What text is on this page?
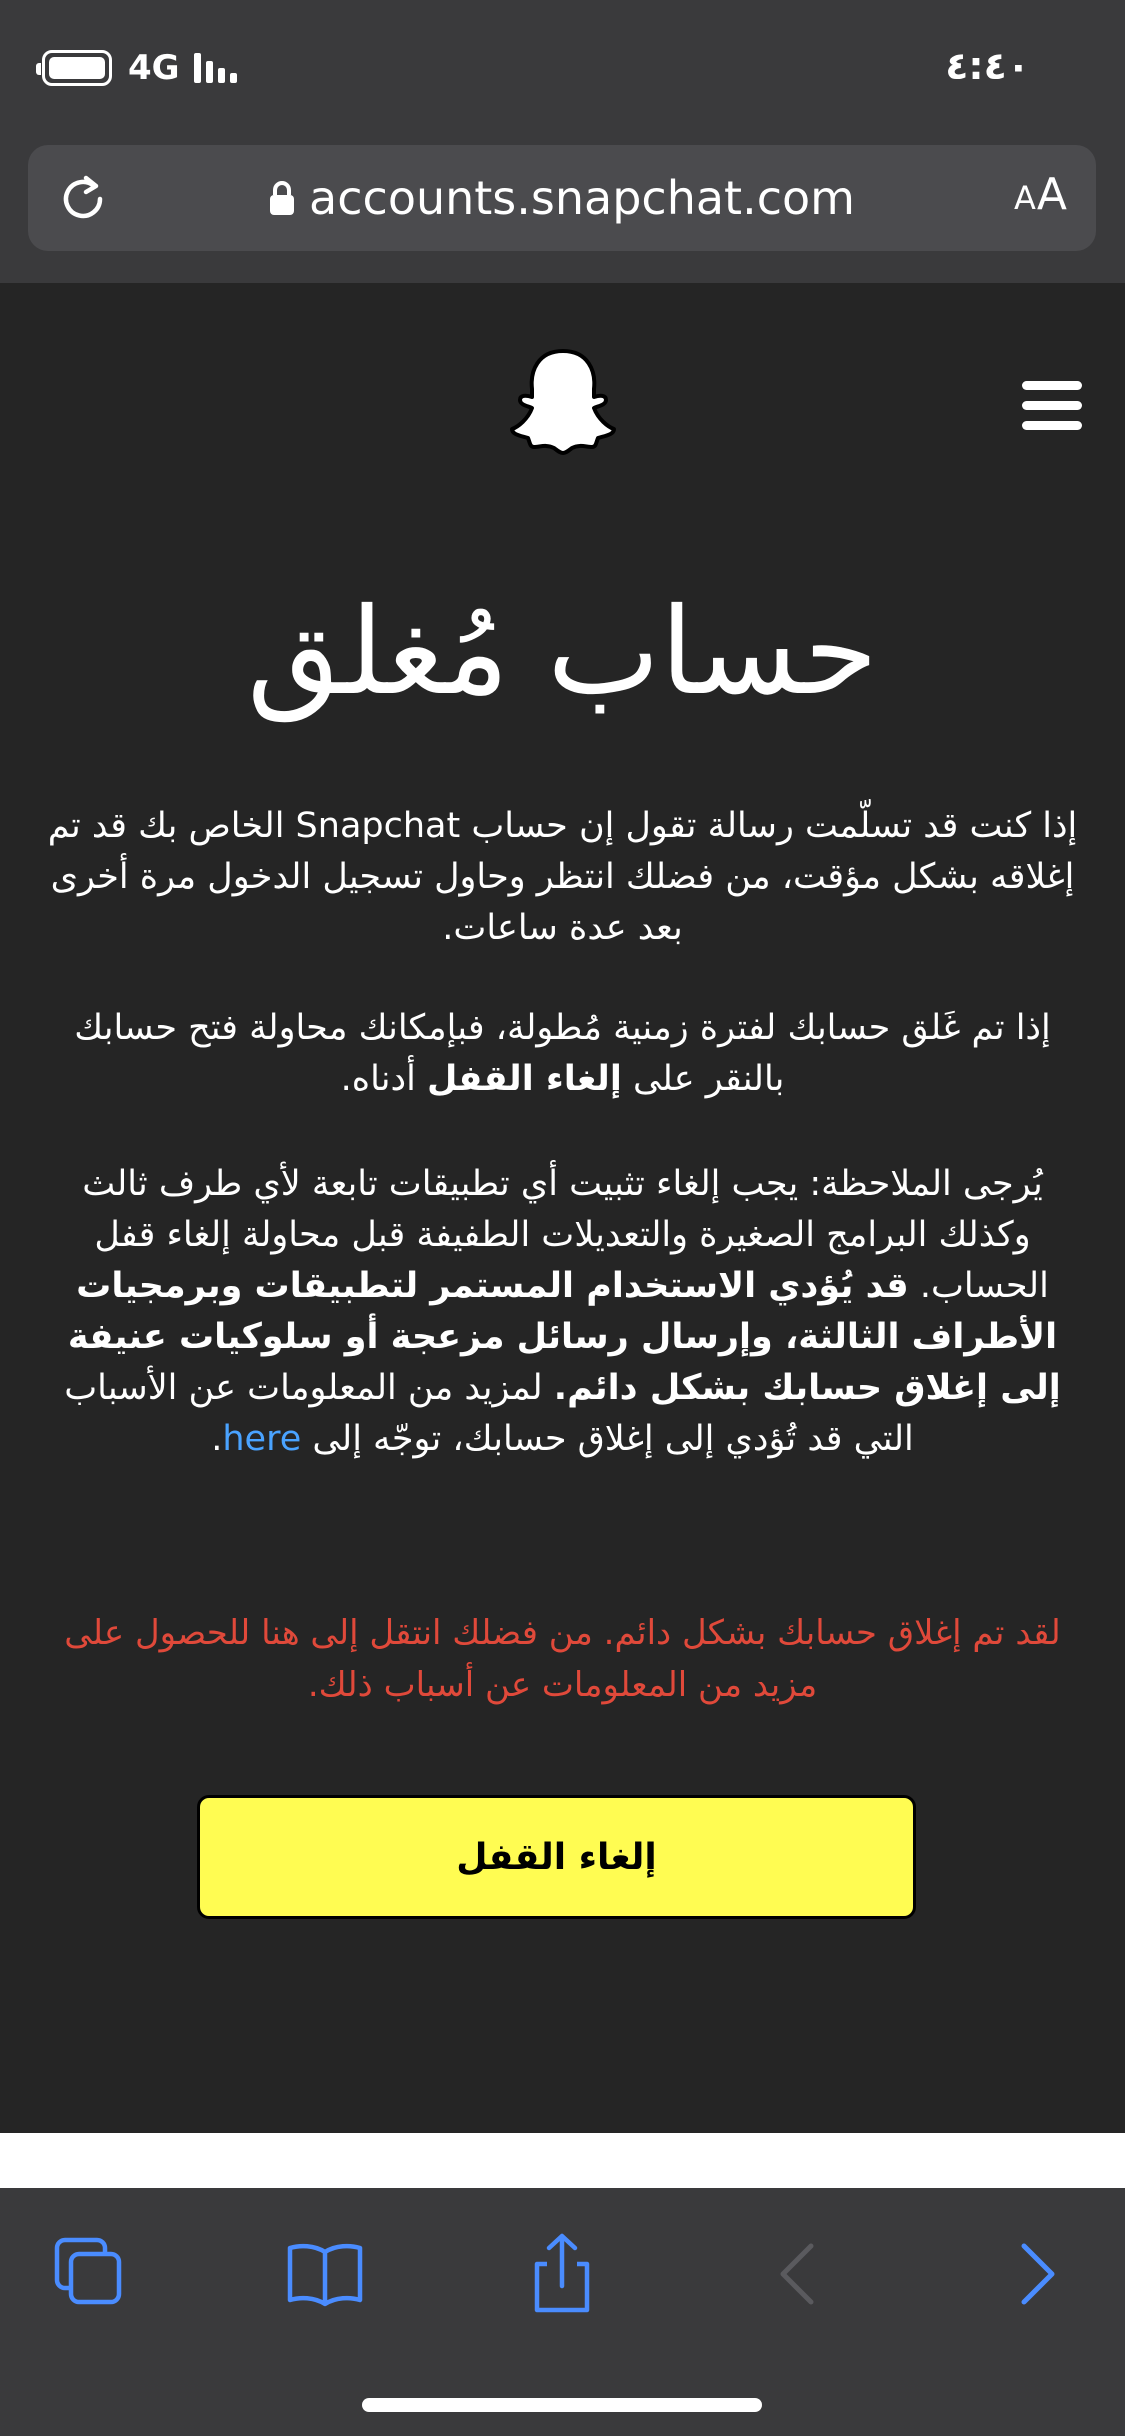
4G	٤:٤٠
accounts.snapchat.com	AA
حساب مُغلق
إذا كنت قد تسلّمت رسالة تقول إن حساب Snapchat الخاص بك قد تم إغلاقه بشكل مؤقت، من فضلك انتظر وحاول تسجيل الدخول مرة أخرى بعد عدة ساعات.
إذا تم غَلق حسابك لفترة زمنية مُطولة، فبإمكانك محاولة فتح حسابك بالنقر على إلغاء القفل أدناه.
يُرجى الملاحظة: يجب إلغاء تثبيت أي تطبيقات تابعة لأي طرف ثالث وكذلك البرامج الصغيرة والتعديلات الطفيفة قبل محاولة إلغاء قفل الحساب. قد يُؤدي الاستخدام المستمر لتطبيقات وبرمجيات الأطراف الثالثة، وإرسال رسائل مزعجة أو سلوكيات عنيفة إلى إغلاق حسابك بشكل دائم. لمزيد من المعلومات عن الأسباب التي قد تُؤدي إلى إغلاق حسابك، توجّه إلى here.
لقد تم إغلاق حسابك بشكل دائم. من فضلك انتقل إلى هنا للحصول على مزيد من المعلومات عن أسباب ذلك.
إلغاء القفل
